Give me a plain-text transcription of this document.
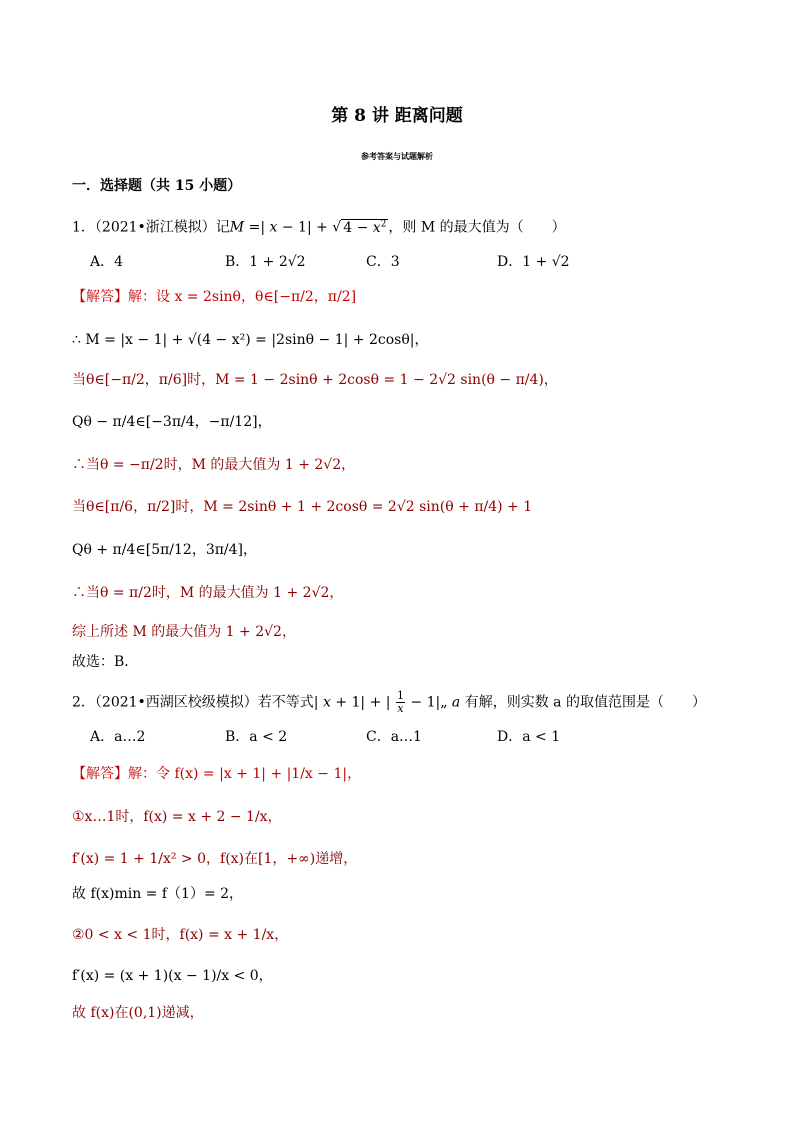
第 8 讲 距离问题
参考答案与试题解析
一．选择题（共 15 小题）
1．（2021•浙江模拟）记M =| x − 1| + √ $4 - x^2$ ，则 M 的最大值为（　　）
A．4	B．1 + 2√2	C．3	D．1 + √2
【解答】解：设 x = 2sinθ，θ∈[−π/2，π/2]
∴ M = |x − 1| + √(4 − x²) = |2sinθ − 1| + 2cosθ|，
当θ∈[−π/2，π/6]时，M = 1 − 2sinθ + 2cosθ = 1 − 2√2 sin(θ − π/4)，
Qθ − π/4∈[−3π/4，−π/12]，
∴当θ = −π/2时，M 的最大值为 1 + 2√2，
当θ∈[π/6，π/2]时，M = 2sinθ + 1 + 2cosθ = 2√2 sin(θ + π/4) + 1
Qθ + π/4∈[5π/12，3π/4]，
∴当θ = π/2时，M 的最大值为 1 + 2√2，
综上所述 M 的最大值为 1 + 2√2，
故选：B．
2．（2021•西湖区校级模拟）若不等式| x + 1| + | $\frac{1}{x}$ − 1|„ a 有解，则实数 a 的取值范围是（　　）
A．a…2	B．a < 2	C．a…1	D．a < 1
【解答】解：令 f(x) = |x + 1| + |1/x − 1|，
①x…1时，f(x) = x + 2 − 1/x，
f′(x) = 1 + 1/x² > 0，f(x)在[1，+∞)递增，
故 f(x)min = f（1）= 2，
②0 < x < 1时，f(x) = x + 1/x，
f′(x) = (x + 1)(x − 1)/x < 0，
故 f(x)在(0,1)递减，
